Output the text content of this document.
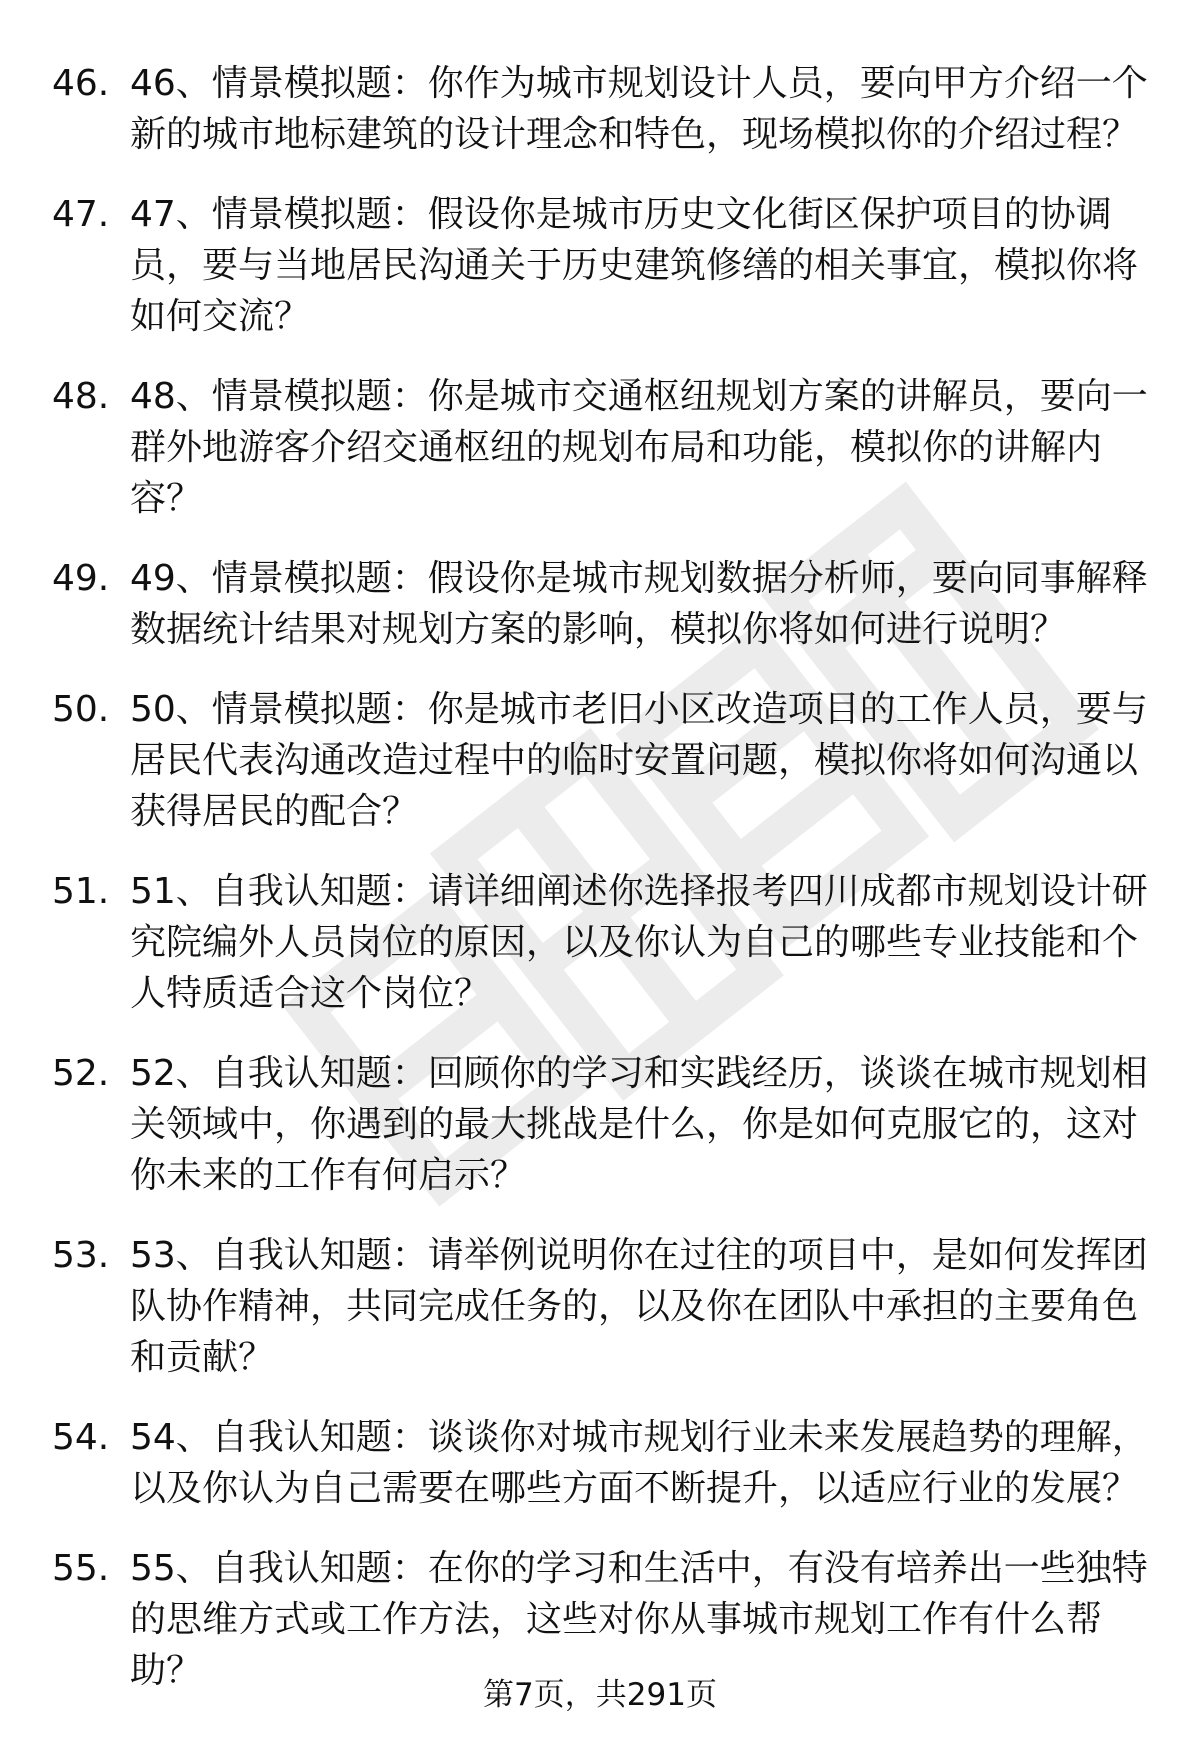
46. 46、情景模拟题：你作为城市规划设计人员，要向甲方介绍一个新的城市地标建筑的设计理念和特色，现场模拟你的介绍过程？
47. 47、情景模拟题：假设你是城市历史文化街区保护项目的协调员，要与当地居民沟通关于历史建筑修缮的相关事宜，模拟你将如何交流？
48. 48、情景模拟题：你是城市交通枢纽规划方案的讲解员，要向一群外地游客介绍交通枢纽的规划布局和功能，模拟你的讲解内容？
49. 49、情景模拟题：假设你是城市规划数据分析师，要向同事解释数据统计结果对规划方案的影响，模拟你将如何进行说明？
50. 50、情景模拟题：你是城市老旧小区改造项目的工作人员，要与居民代表沟通改造过程中的临时安置问题，模拟你将如何沟通以获得居民的配合？
51. 51、自我认知题：请详细阐述你选择报考四川成都市规划设计研究院编外人员岗位的原因，以及你认为自己的哪些专业技能和个人特质适合这个岗位？
52. 52、自我认知题：回顾你的学习和实践经历，谈谈在城市规划相关领域中，你遇到的最大挑战是什么，你是如何克服它的，这对你未来的工作有何启示？
53. 53、自我认知题：请举例说明你在过往的项目中，是如何发挥团队协作精神，共同完成任务的，以及你在团队中承担的主要角色和贡献？
54. 54、自我认知题：谈谈你对城市规划行业未来发展趋势的理解，以及你认为自己需要在哪些方面不断提升，以适应行业的发展？
55. 55、自我认知题：在你的学习和生活中，有没有培养出一些独特的思维方式或工作方法，这些对你从事城市规划工作有什么帮助？
第7页，共291页
